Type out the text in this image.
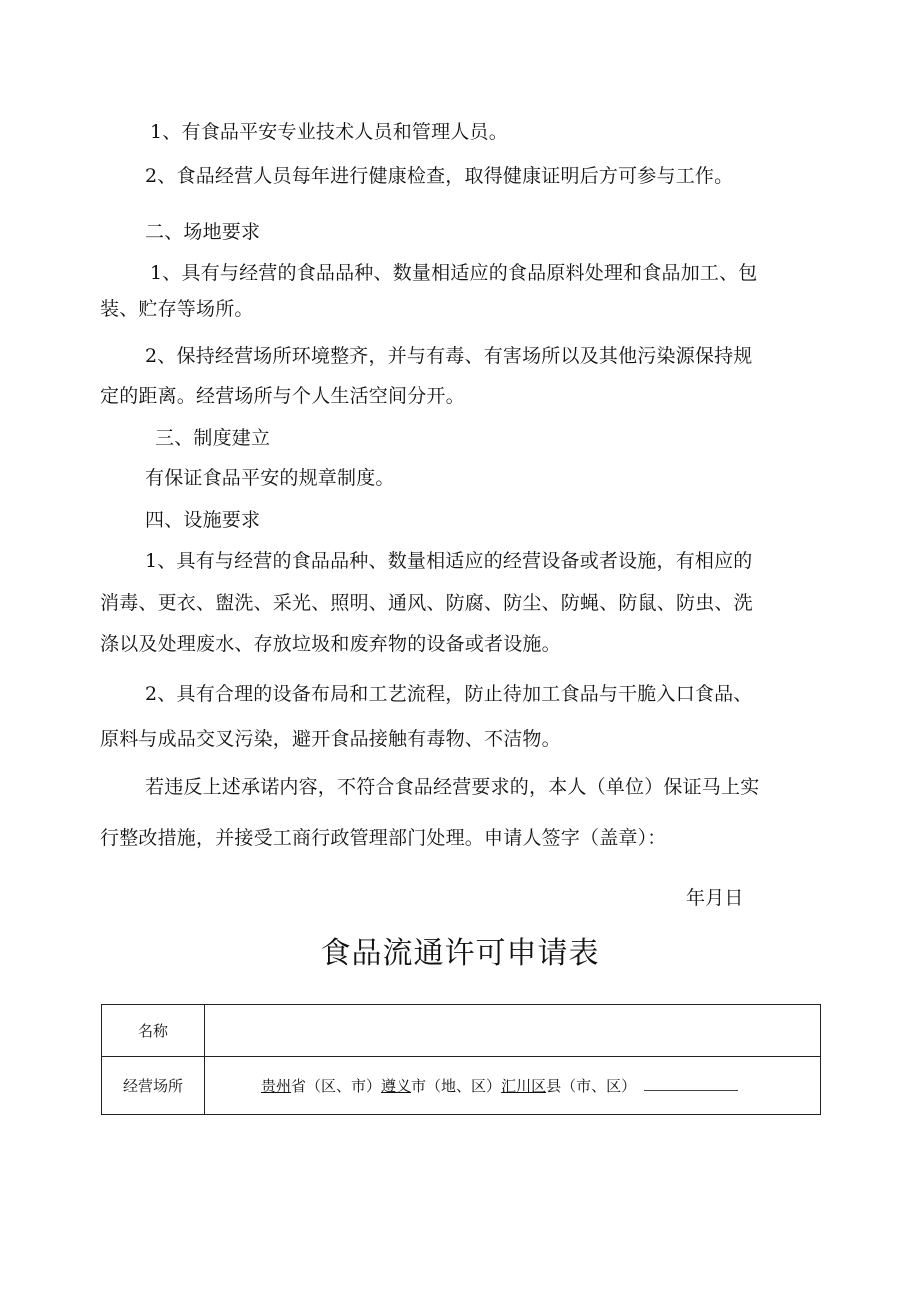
1、有食品平安专业技术人员和管理人员。
2、食品经营人员每年进行健康检查，取得健康证明后方可参与工作。
二、场地要求
1、具有与经营的食品品种、数量相适应的食品原料处理和食品加工、包
装、贮存等场所。
2、保持经营场所环境整齐，并与有毒、有害场所以及其他污染源保持规
定的距离。经营场所与个人生活空间分开。
三、制度建立
有保证食品平安的规章制度。
四、设施要求
1、具有与经营的食品品种、数量相适应的经营设备或者设施，有相应的
消毒、更衣、盥洗、采光、照明、通风、防腐、防尘、防蝇、防鼠、防虫、洗
涤以及处理废水、存放垃圾和废弃物的设备或者设施。
2、具有合理的设备布局和工艺流程，防止待加工食品与干脆入口食品、
原料与成品交叉污染，避开食品接触有毒物、不洁物。
若违反上述承诺内容，不符合食品经营要求的，本人（单位）保证马上实
行整改措施，并接受工商行政管理部门处理。申请人签字（盖章）：
年月日
食品流通许可申请表
名称	
经营场所	贵州省（区、市）遵义市（地、区）汇川区县（市、区）
